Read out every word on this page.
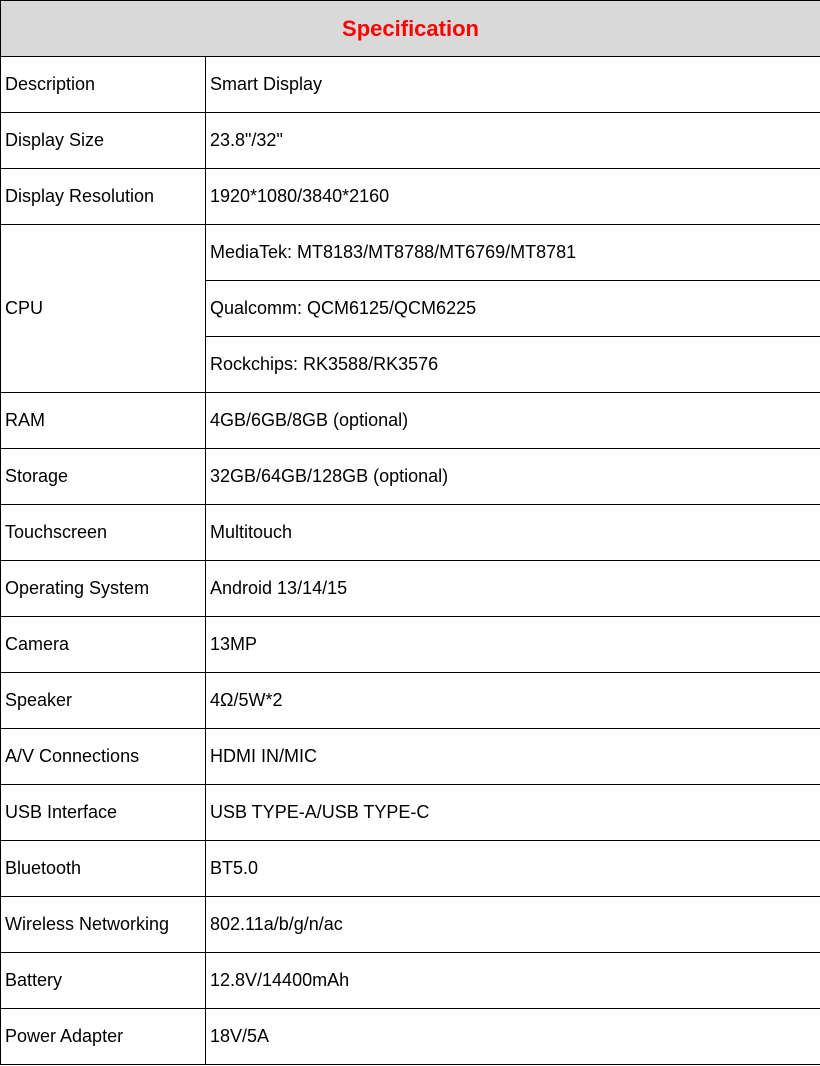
Specification	
Description	Smart Display
Display Size	23.8"/32"
Display Resolution	1920*1080/3840*2160
CPU	MediaTek: MT8183/MT8788/MT6769/MT8781
	Qualcomm: QCM6125/QCM6225
	Rockchips: RK3588/RK3576
RAM	4GB/6GB/8GB (optional)
Storage	32GB/64GB/128GB (optional)
Touchscreen	Multitouch
Operating System	Android 13/14/15
Camera	13MP
Speaker	4Ω/5W*2
A/V Connections	HDMI IN/MIC
USB Interface	USB TYPE-A/USB TYPE-C
Bluetooth	BT5.0
Wireless Networking	802.11a/b/g/n/ac
Battery	12.8V/14400mAh
Power Adapter	18V/5A
